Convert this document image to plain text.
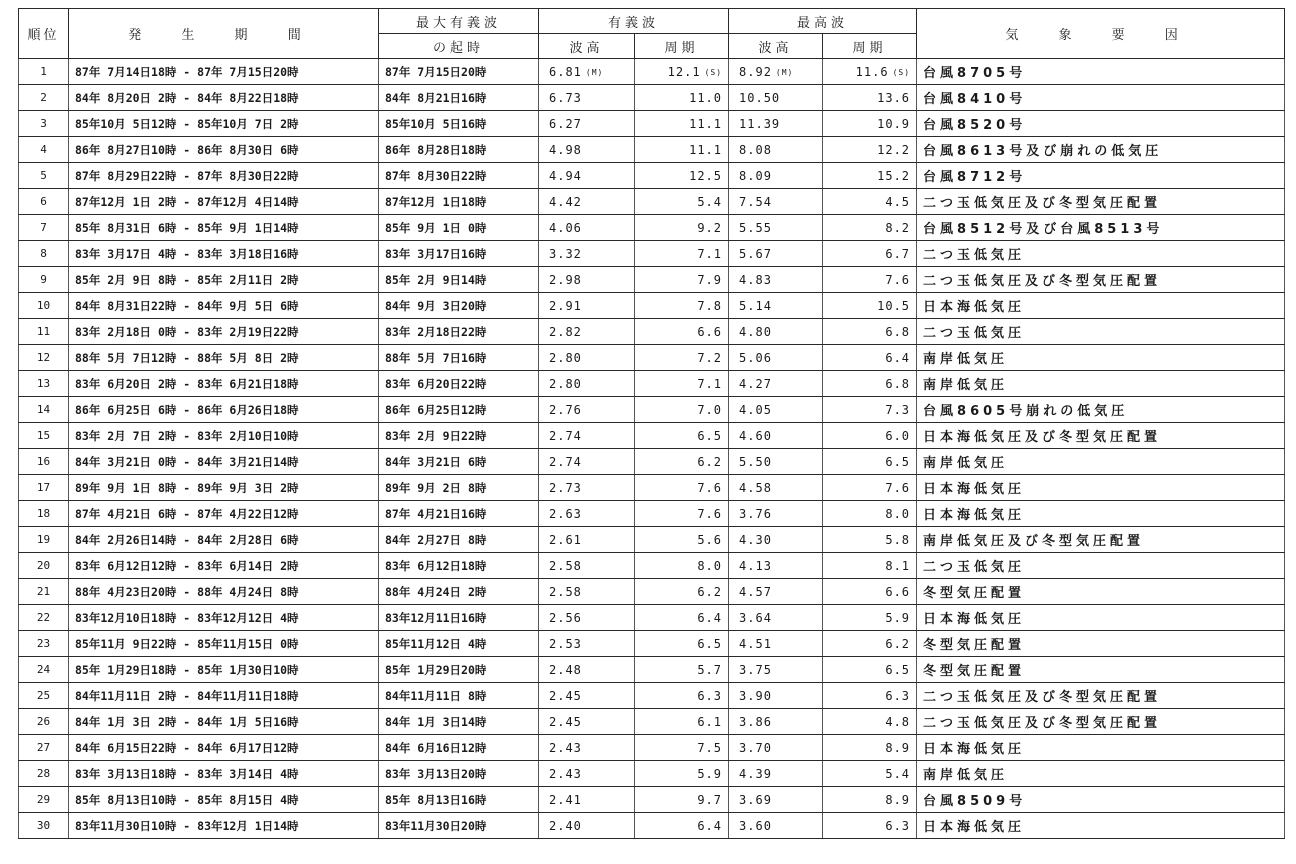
順位	発 生 期 間	最大有義波	有義波		最高波		気 象 要 因
		の起時	波高	周期	波高	周期	
1	87年 7月14日18時 - 87年 7月15日20時	87年 7月15日20時	6.81 (M)	12.1 (S)	8.92 (M)	11.6 (S)	台風8705号
2	84年 8月20日 2時 - 84年 8月22日18時	84年 8月21日16時	6.73	11.0	10.50	13.6	台風8410号
3	85年10月 5日12時 - 85年10月 7日 2時	85年10月 5日16時	6.27	11.1	11.39	10.9	台風8520号
4	86年 8月27日10時 - 86年 8月30日 6時	86年 8月28日18時	4.98	11.1	8.08	12.2	台風8613号及び崩れの低気圧
5	87年 8月29日22時 - 87年 8月30日22時	87年 8月30日22時	4.94	12.5	8.09	15.2	台風8712号
6	87年12月 1日 2時 - 87年12月 4日14時	87年12月 1日18時	4.42	5.4	7.54	4.5	二つ玉低気圧及び冬型気圧配置
7	85年 8月31日 6時 - 85年 9月 1日14時	85年 9月 1日 0時	4.06	9.2	5.55	8.2	台風8512号及び台風8513号
8	83年 3月17日 4時 - 83年 3月18日16時	83年 3月17日16時	3.32	7.1	5.67	6.7	二つ玉低気圧
9	85年 2月 9日 8時 - 85年 2月11日 2時	85年 2月 9日14時	2.98	7.9	4.83	7.6	二つ玉低気圧及び冬型気圧配置
10	84年 8月31日22時 - 84年 9月 5日 6時	84年 9月 3日20時	2.91	7.8	5.14	10.5	日本海低気圧
11	83年 2月18日 0時 - 83年 2月19日22時	83年 2月18日22時	2.82	6.6	4.80	6.8	二つ玉低気圧
12	88年 5月 7日12時 - 88年 5月 8日 2時	88年 5月 7日16時	2.80	7.2	5.06	6.4	南岸低気圧
13	83年 6月20日 2時 - 83年 6月21日18時	83年 6月20日22時	2.80	7.1	4.27	6.8	南岸低気圧
14	86年 6月25日 6時 - 86年 6月26日18時	86年 6月25日12時	2.76	7.0	4.05	7.3	台風8605号崩れの低気圧
15	83年 2月 7日 2時 - 83年 2月10日10時	83年 2月 9日22時	2.74	6.5	4.60	6.0	日本海低気圧及び冬型気圧配置
16	84年 3月21日 0時 - 84年 3月21日14時	84年 3月21日 6時	2.74	6.2	5.50	6.5	南岸低気圧
17	89年 9月 1日 8時 - 89年 9月 3日 2時	89年 9月 2日 8時	2.73	7.6	4.58	7.6	日本海低気圧
18	87年 4月21日 6時 - 87年 4月22日12時	87年 4月21日16時	2.63	7.6	3.76	8.0	日本海低気圧
19	84年 2月26日14時 - 84年 2月28日 6時	84年 2月27日 8時	2.61	5.6	4.30	5.8	南岸低気圧及び冬型気圧配置
20	83年 6月12日12時 - 83年 6月14日 2時	83年 6月12日18時	2.58	8.0	4.13	8.1	二つ玉低気圧
21	88年 4月23日20時 - 88年 4月24日 8時	88年 4月24日 2時	2.58	6.2	4.57	6.6	冬型気圧配置
22	83年12月10日18時 - 83年12月12日 4時	83年12月11日16時	2.56	6.4	3.64	5.9	日本海低気圧
23	85年11月 9日22時 - 85年11月15日 0時	85年11月12日 4時	2.53	6.5	4.51	6.2	冬型気圧配置
24	85年 1月29日18時 - 85年 1月30日10時	85年 1月29日20時	2.48	5.7	3.75	6.5	冬型気圧配置
25	84年11月11日 2時 - 84年11月11日18時	84年11月11日 8時	2.45	6.3	3.90	6.3	二つ玉低気圧及び冬型気圧配置
26	84年 1月 3日 2時 - 84年 1月 5日16時	84年 1月 3日14時	2.45	6.1	3.86	4.8	二つ玉低気圧及び冬型気圧配置
27	84年 6月15日22時 - 84年 6月17日12時	84年 6月16日12時	2.43	7.5	3.70	8.9	日本海低気圧
28	83年 3月13日18時 - 83年 3月14日 4時	83年 3月13日20時	2.43	5.9	4.39	5.4	南岸低気圧
29	85年 8月13日10時 - 85年 8月15日 4時	85年 8月13日16時	2.41	9.7	3.69	8.9	台風8509号
30	83年11月30日10時 - 83年12月 1日14時	83年11月30日20時	2.40	6.4	3.60	6.3	日本海低気圧
